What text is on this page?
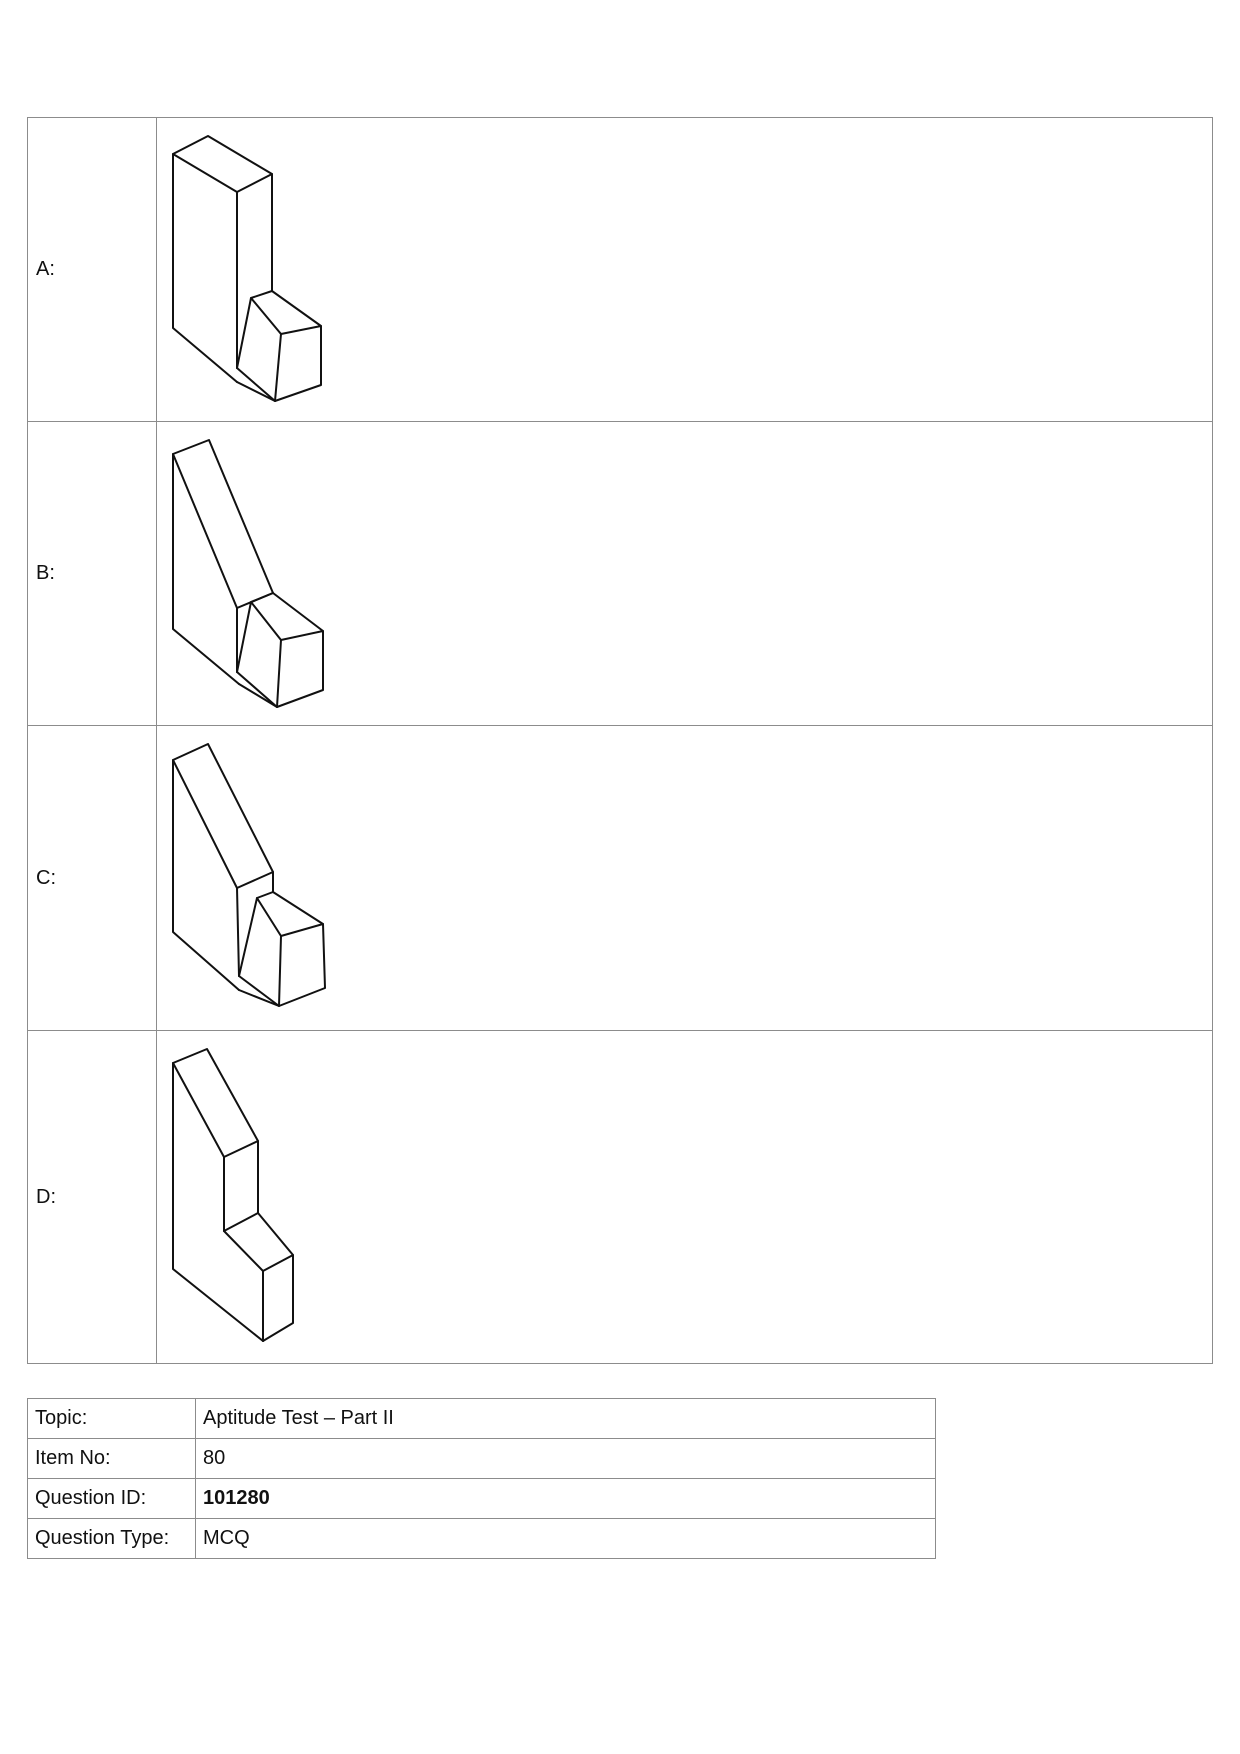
A:	

B:	

C:	

D:	
Topic:	Aptitude Test – Part II
Item No:	80
Question ID:	101280
Question Type:	MCQ
